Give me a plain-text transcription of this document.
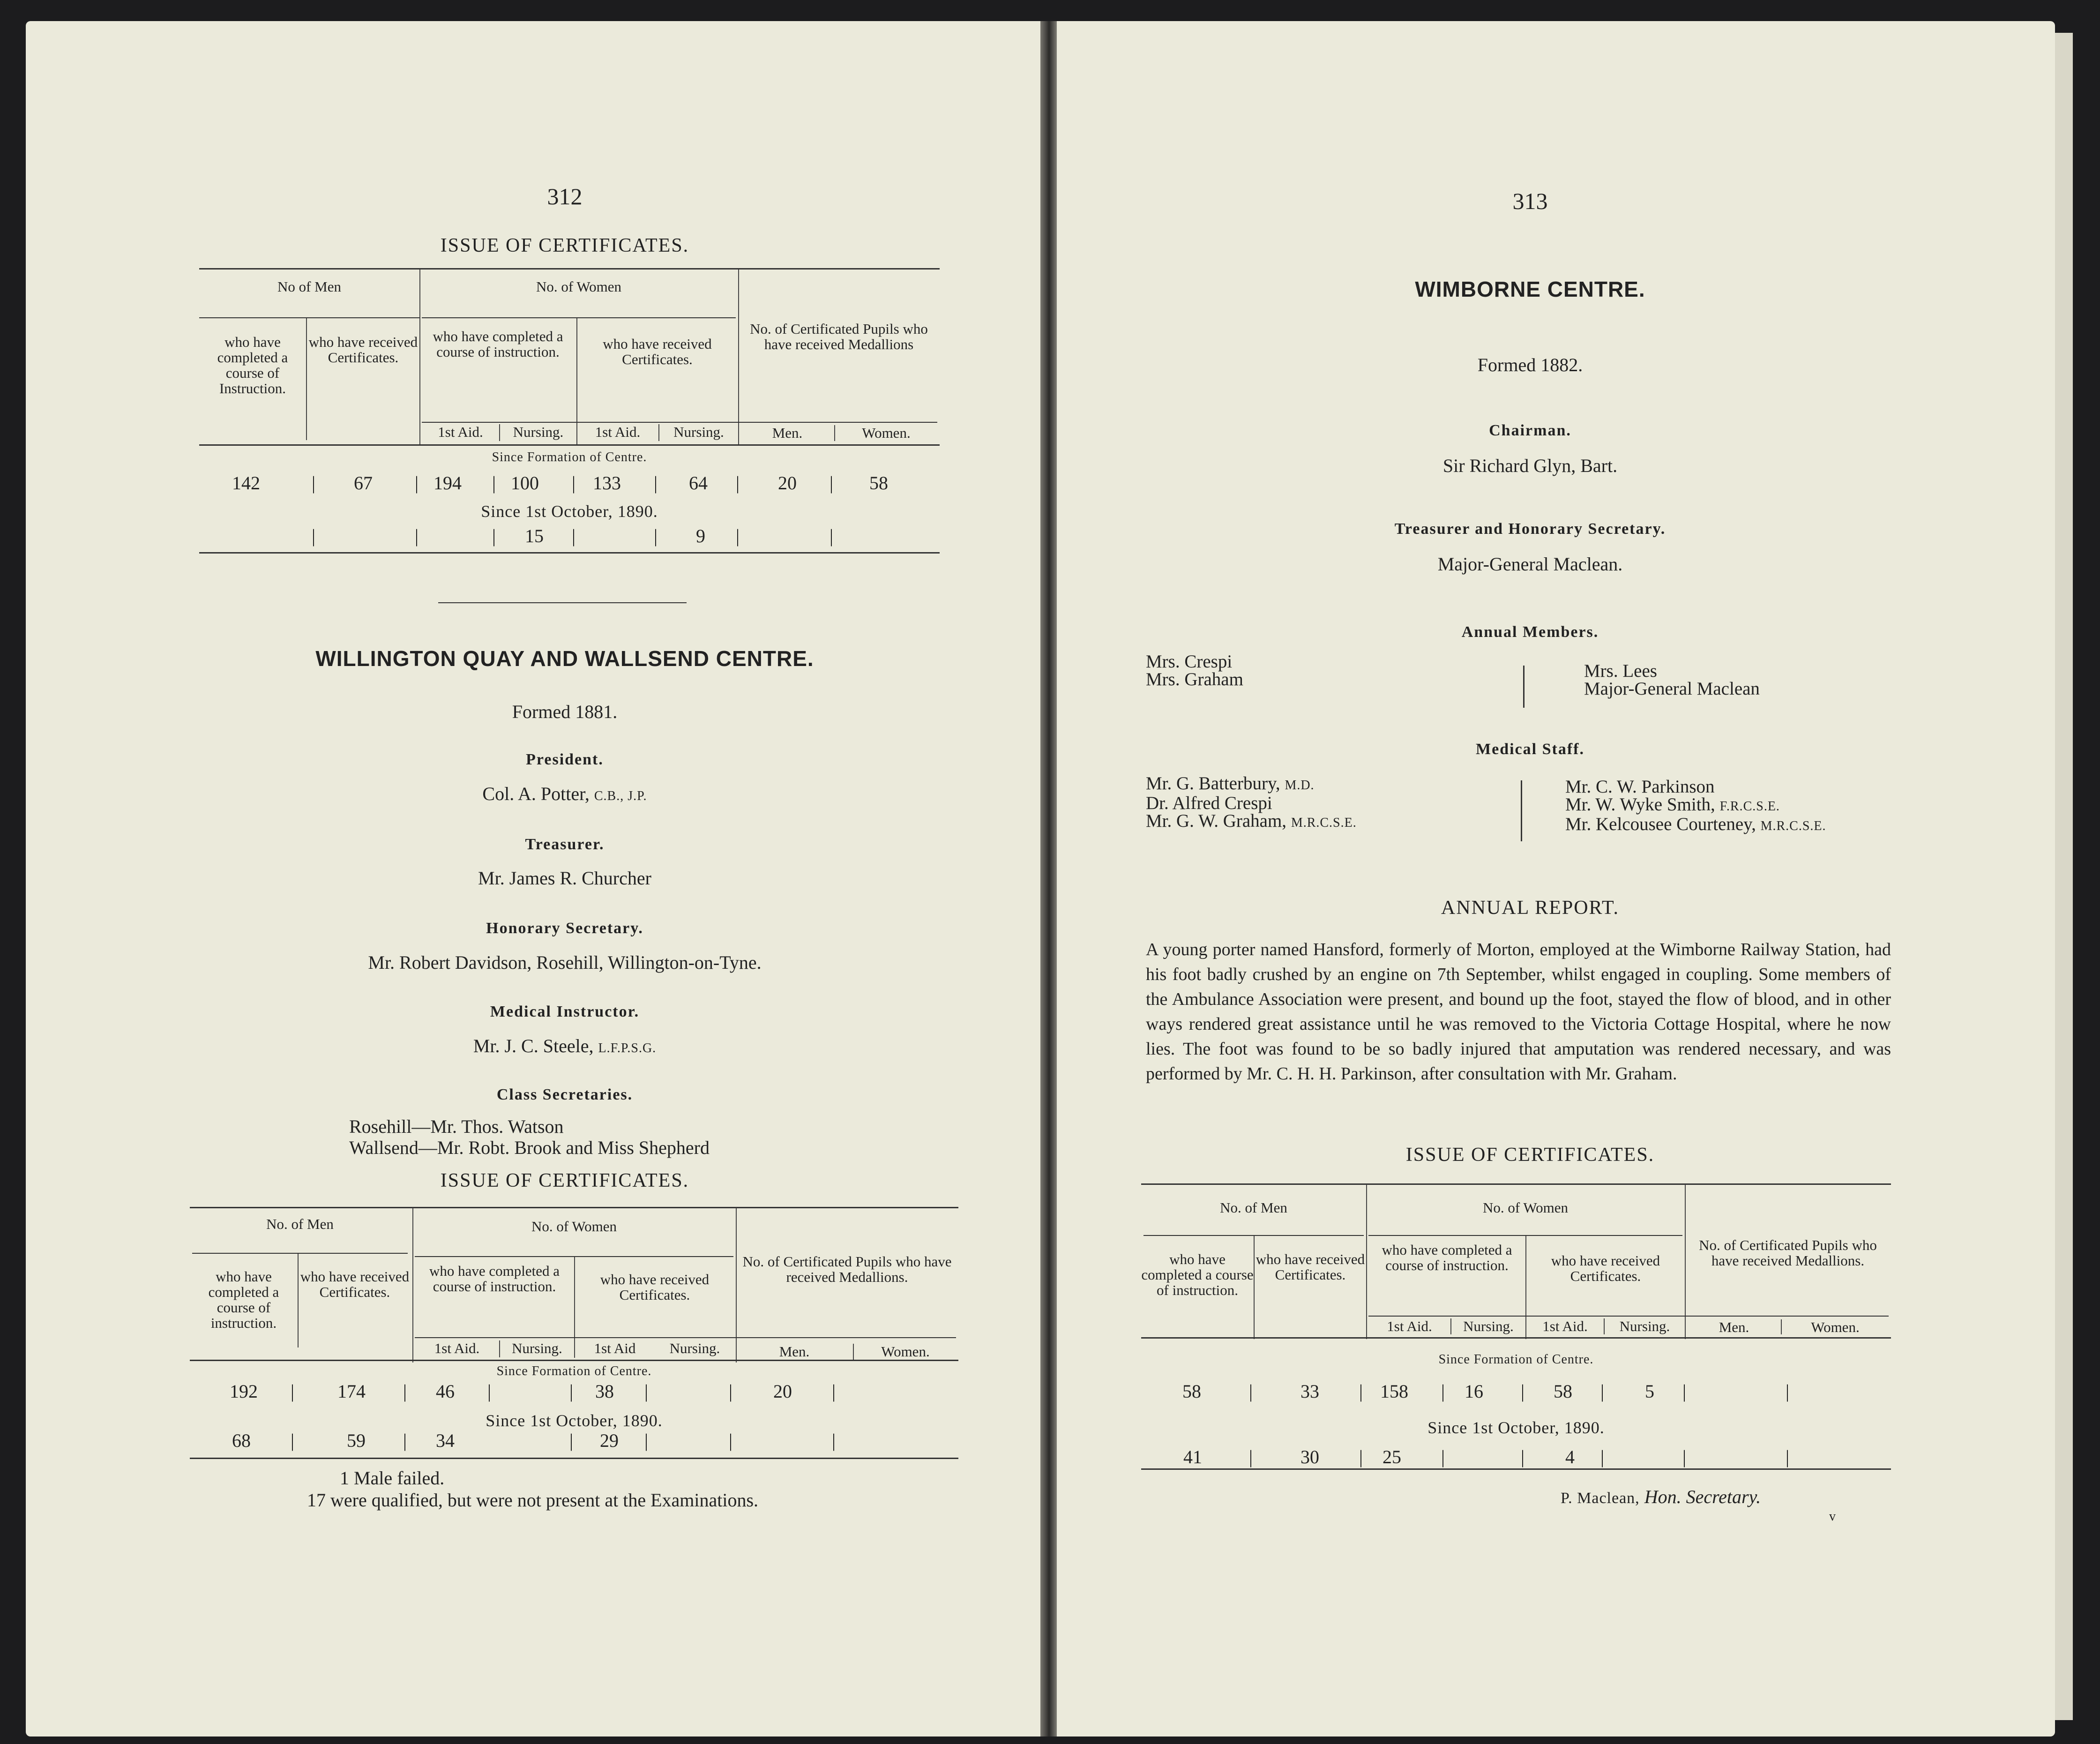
312
ISSUE OF CERTIFICATES.
No of Men	No. of Women
who have completed a course of Instruction.
who have received Certificates.
who have completed a course of instruction.	who have received Certificates.
No. of Certificated Pupils who have received Medallions
1st Aid.	Nursing.	1st Aid.	Nursing.	Men.	Women.
Since Formation of Centre.
142	| 67 | 194 | 100 | 133 | 64 | 20 | 58
Since 1st October, 1890.
|	|	| 15 |	| 9 |	|
WILLINGTON QUAY AND WALLSEND CENTRE.
Formed 1881.
President.
Col. A. Potter, C.B., J.P.
Treasurer.
Mr. James R. Churcher
Honorary Secretary.
Mr. Robert Davidson, Rosehill, Willington-on-Tyne.
Medical Instructor.
Mr. J. C. Steele, L.F.P.S.G.
Class Secretaries.
Rosehill—Mr. Thos. Watson
Wallsend—Mr. Robt. Brook and Miss Shepherd
ISSUE OF CERTIFICATES.
No. of Men	No. of Women
who have completed a course of instruction.
who have received Certificates.
who have completed a course of instruction.	who have received Certificates.
No. of Certificated Pupils who have received Medallions.
1st Aid.	Nursing.	1st Aid	Nursing.	Men.	Women.
Since Formation of Centre.
192 | 174 | 46 |	| 38 |	| 20 |
Since 1st October, 1890.
68 |	59 | 34	| 29 |	|	|
1 Male failed.
17 were qualified, but were not present at the Examinations.
313
WIMBORNE CENTRE.
Formed 1882.
Chairman.
Sir Richard Glyn, Bart.
Treasurer and Honorary Secretary.
Major-General Maclean.
Annual Members.
Mrs. Crespi
Mrs. Graham	Mrs. Lees
Major-General Maclean
Medical Staff.
Mr. G. Batterbury, M.D.
Dr. Alfred Crespi
Mr. G. W. Graham, M.R.C.S.E.
Mr. C. W. Parkinson
Mr. W. Wyke Smith, F.R.C.S.E.
Mr. Kelcousee Courteney, M.R.C.S.E.
ANNUAL REPORT.
A young porter named Hansford, formerly of Morton, employed at the Wimborne Railway Station, had his foot badly crushed by an engine on 7th September, whilst engaged in coupling. Some members of the Ambulance Association were present, and bound up the foot, stayed the flow of blood, and in other ways rendered great assistance until he was removed to the Victoria Cottage Hospital, where he now lies. The foot was found to be so badly injured that amputation was rendered necessary, and was performed by Mr. C. H. H. Parkinson, after consultation with Mr. Graham.
ISSUE OF CERTIFICATES.
No. of Men	No. of Women
who have completed a course of instruction.
who have received Certificates.
who have completed a course of instruction.	who have received Certificates.
No. of Certificated Pupils who have received Medallions.
1st Aid.	Nursing.	1st Aid.	Nursing.	Men.	Women.
Since Formation of Centre.
58	|	33 | 158 | 16 | 58 | 5 |	|
Since 1st October, 1890.
41	|	30 | 25 |	| 4 |	|	|
P. Maclean, Hon. Secretary.
v
